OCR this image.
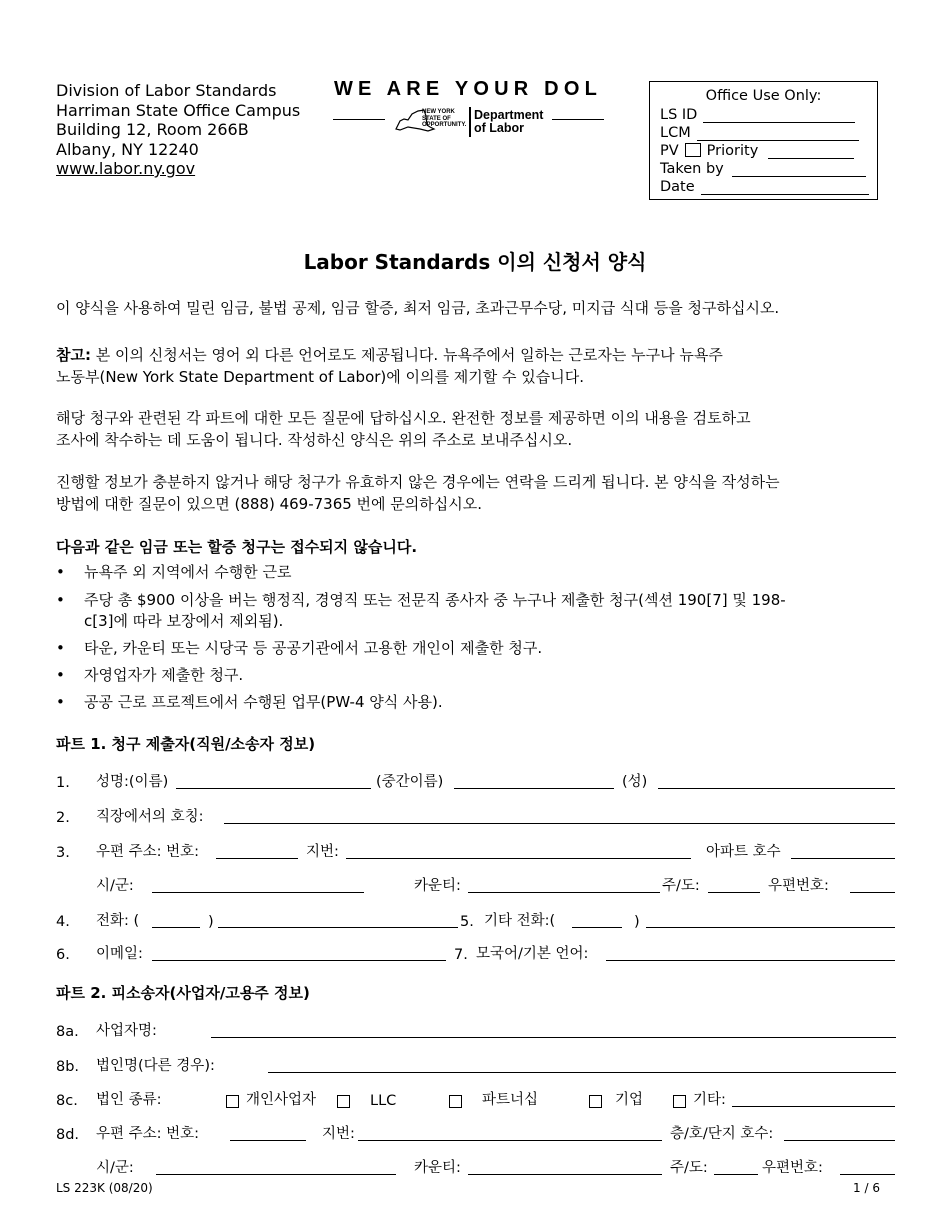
Division of Labor Standards
Harriman State Office Campus
Building 12, Room 266B
Albany, NY 12240
www.labor.ny.gov
WE ARE YOUR DOL
NEW YORK
STATE OF
OPPORTUNITY.
Department
of Labor
Office Use Only:
LS ID
LCM
PV Priority
Taken by
Date
Labor Standards 이의 신청서 양식
이 양식을 사용하여 밀린 임금, 불법 공제, 임금 할증, 최저 임금, 초과근무수당, 미지급 식대 등을 청구하십시오.
참고: 본 이의 신청서는 영어 외 다른 언어로도 제공됩니다. 뉴욕주에서 일하는 근로자는 누구나 뉴욕주
노동부(New York State Department of Labor)에 이의를 제기할 수 있습니다.
해당 청구와 관련된 각 파트에 대한 모든 질문에 답하십시오. 완전한 정보를 제공하면 이의 내용을 검토하고
조사에 착수하는 데 도움이 됩니다. 작성하신 양식은 위의 주소로 보내주십시오.
진행할 정보가 충분하지 않거나 해당 청구가 유효하지 않은 경우에는 연락을 드리게 됩니다. 본 양식을 작성하는
방법에 대한 질문이 있으면 (888) 469-7365 번에 문의하십시오.
다음과 같은 임금 또는 할증 청구는 접수되지 않습니다.
• 뉴욕주 외 지역에서 수행한 근로
• 주당 총 $900 이상을 버는 행정직, 경영직 또는 전문직 종사자 중 누구나 제출한 청구(섹션 190[7] 및 198-
c[3]에 따라 보장에서 제외됨).
• 타운, 카운티 또는 시당국 등 공공기관에서 고용한 개인이 제출한 청구.
• 자영업자가 제출한 청구.
• 공공 근로 프로젝트에서 수행된 업무(PW-4 양식 사용).
파트 1. 청구 제출자(직원/소송자 정보)
1. 성명:(이름)	(중간이름)	(성)
2. 직장에서의 호칭:
3. 우편 주소: 번호:	지번:	아파트 호수
시/군:	카운티:	주/도:	우편번호:
4. 전화: (	)	5. 기타 전화:(	)
6. 이메일:	7. 모국어/기본 언어:
파트 2. 피소송자(사업자/고용주 정보)
8a. 사업자명:
8b. 법인명(다른 경우):
8c. 법인 종류:	개인사업자	LLC	파트너십	기업	기타:
8d. 우편 주소: 번호:	지번:	층/호/단지 호수:
시/군:	카운티:	주/도:	우편번호:
LS 223K (08/20)	1 / 6
